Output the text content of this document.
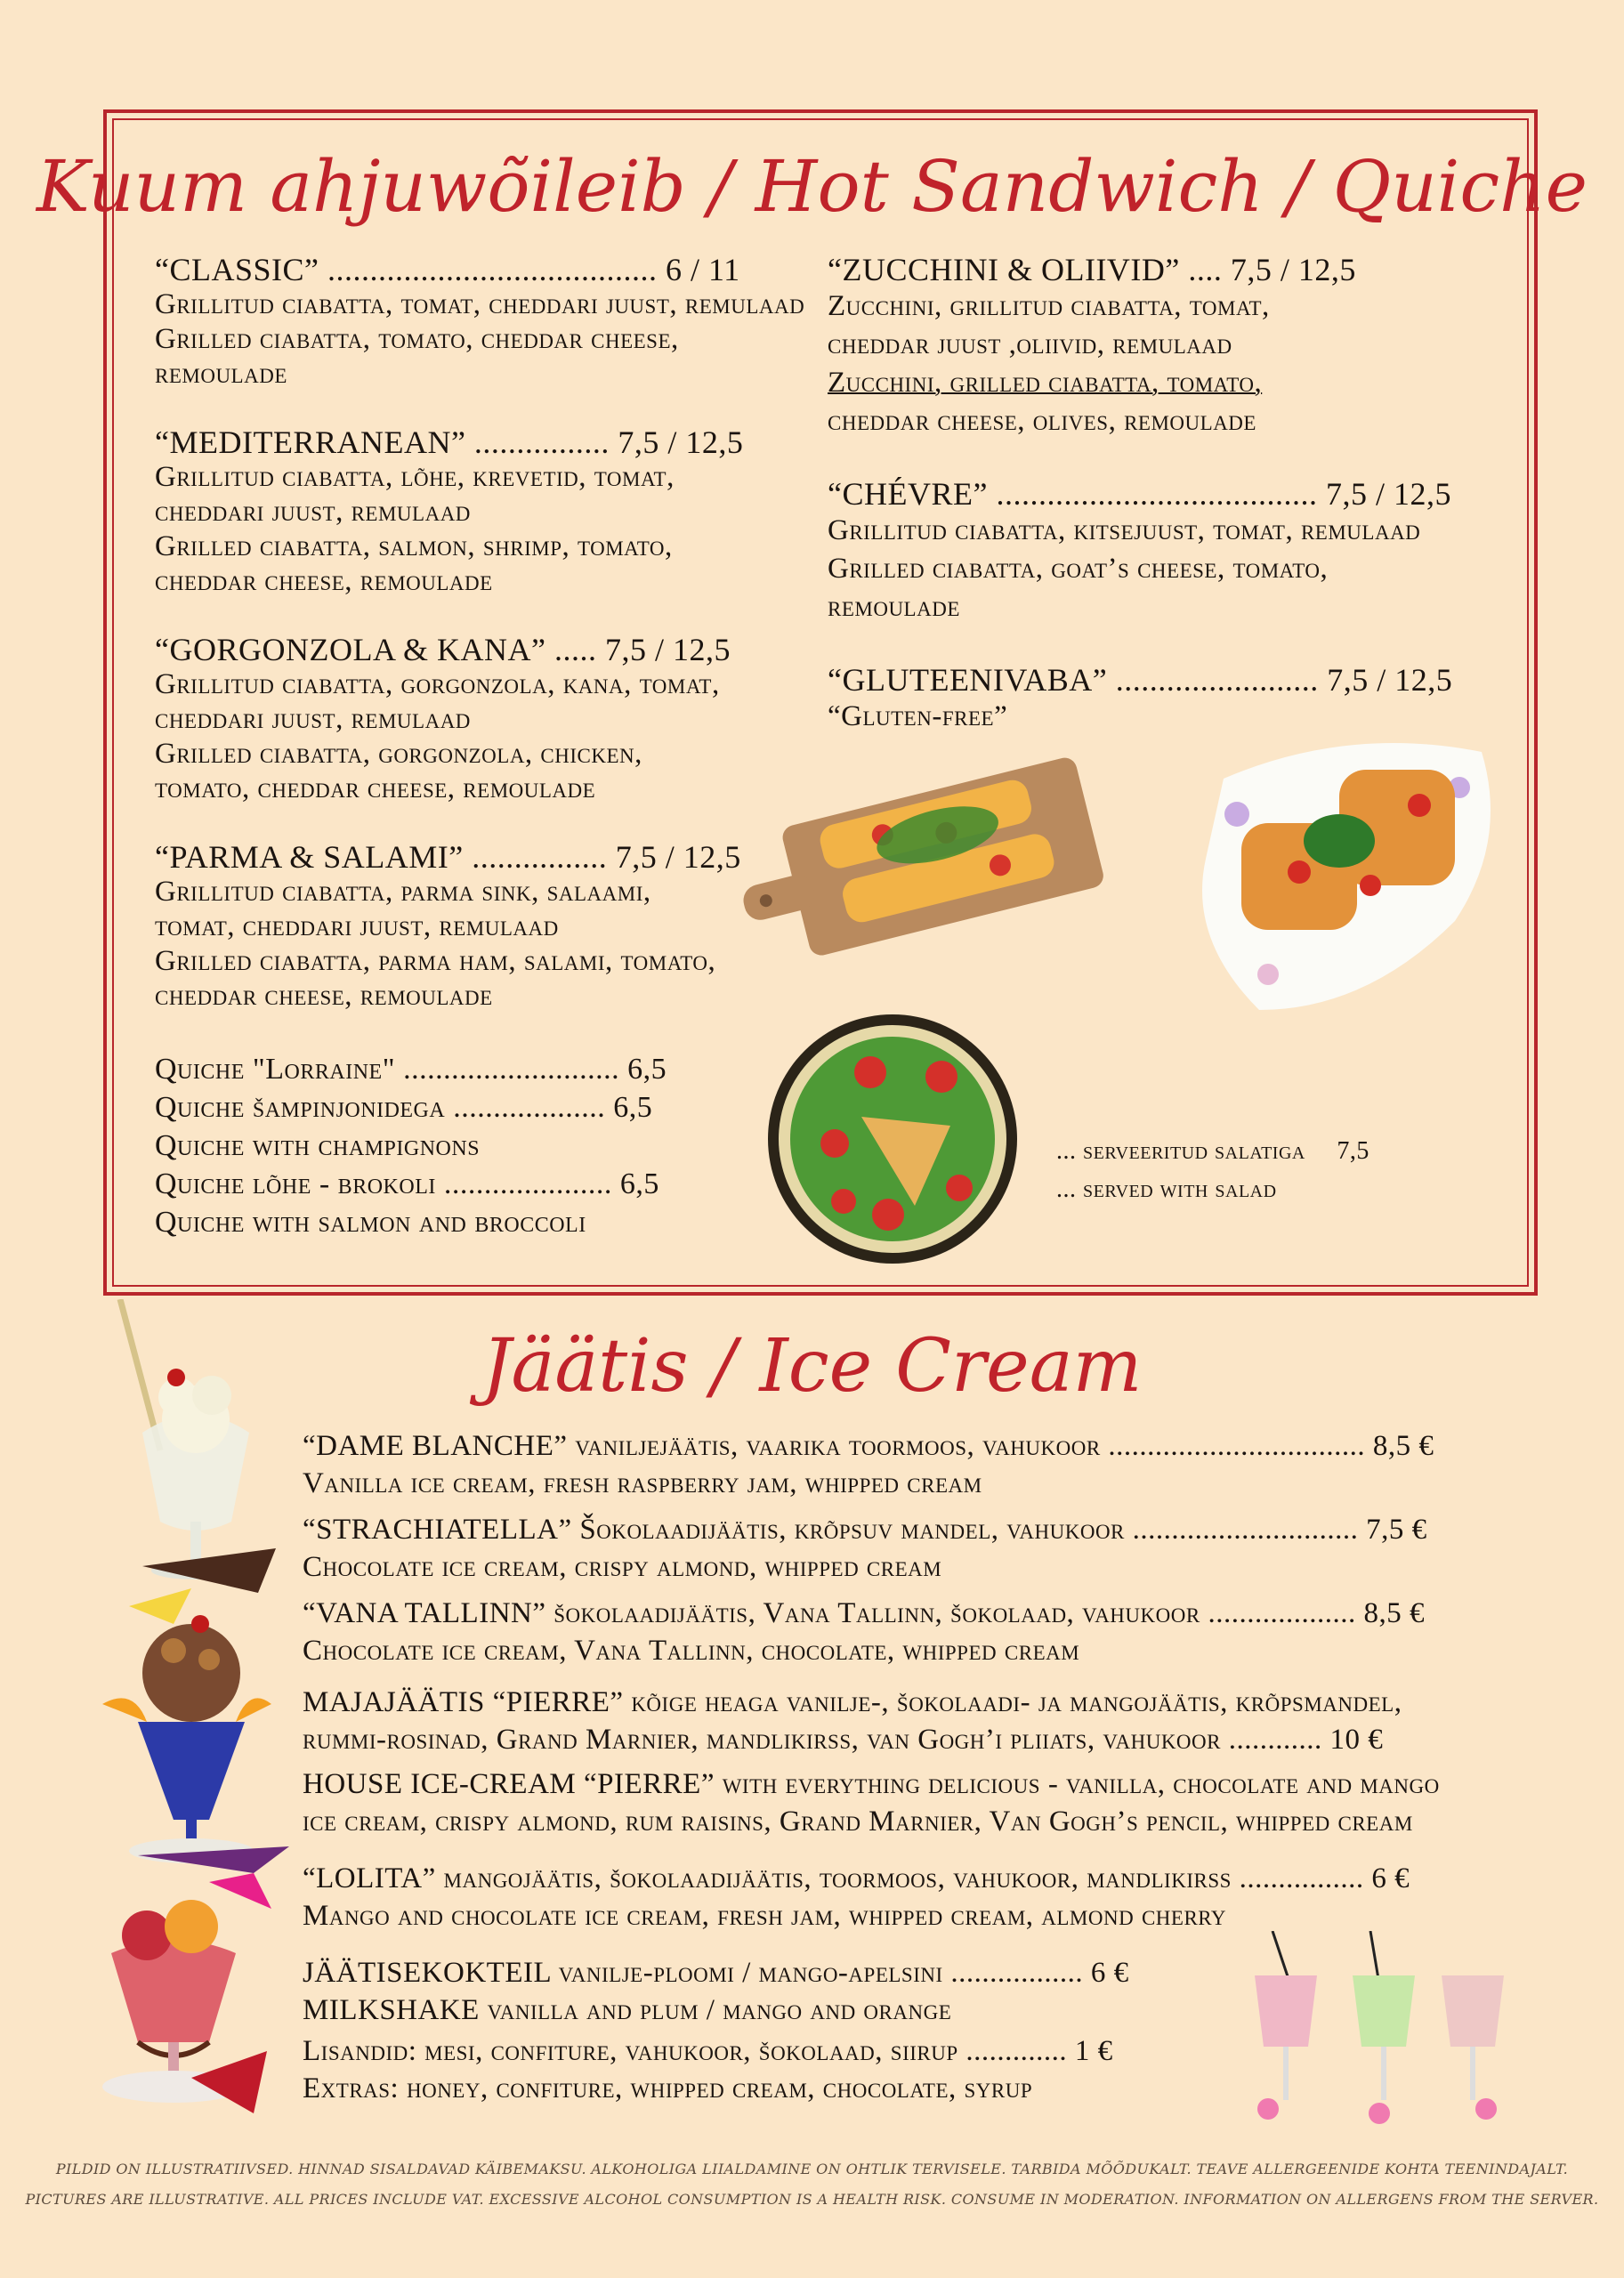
Kuum ahjuwõileib / Hot Sandwich / Quiche
“CLASSIC” ....................................... 6 / 11
Grillitud ciabatta, tomat, cheddari juust, remulaad
Grilled ciabatta, tomato, cheddar cheese,
remoulade
“MEDITERRANEAN” ................ 7,5 / 12,5
Grillitud ciabatta, lõhe, krevetid, tomat,
cheddari juust, remulaad
Grilled ciabatta, salmon, shrimp, tomato,
cheddar cheese, remoulade
“GORGONZOLA & KANA” ..... 7,5 / 12,5
Grillitud ciabatta, gorgonzola, kana, tomat,
cheddari juust, remulaad
Grilled ciabatta, gorgonzola, chicken,
tomato, cheddar cheese, remoulade
“PARMA & SALAMI” ................ 7,5 / 12,5
Grillitud ciabatta, parma sink, salaami,
tomat, cheddari juust, remulaad
Grilled ciabatta, parma ham, salami, tomato,
cheddar cheese, remoulade
Quiche "Lorraine" ........................... 6,5
Quiche šampinjonidega ................... 6,5
Quiche with champignons
Quiche lõhe - brokoli ..................... 6,5
Quiche with salmon and broccoli
“ZUCCHINI & OLIIVID” .... 7,5 / 12,5
Zucchini, grillitud ciabatta, tomat,
cheddar juust ,oliivid, remulaad
Zucchini, grilled ciabatta, tomato,
cheddar cheese, olives, remoulade
“CHÉVRE” ...................................... 7,5 / 12,5
Grillitud ciabatta, kitsejuust, tomat, remulaad
Grilled ciabatta, goat’s cheese, tomato,
remoulade
“GLUTEENIVABA” ........................ 7,5 / 12,5
“Gluten-free”
... serveeritud salatiga 7,5
... served with salad
Jäätis / Ice Cream
“DAME BLANCHE” vaniljejäätis, vaarika toormoos, vahukoor ................................. 8,5 €
Vanilla ice cream, fresh raspberry jam, whipped cream
“STRACHIATELLA” Šokolaadijäätis, krõpsuv mandel, vahukoor ............................. 7,5 €
Chocolate ice cream, crispy almond, whipped cream
“VANA TALLINN” šokolaadijäätis, Vana Tallinn, šokolaad, vahukoor ................... 8,5 €
Chocolate ice cream, Vana Tallinn, chocolate, whipped cream
MAJAJÄÄTIS “PIERRE” kõige heaga vanilje-, šokolaadi- ja mangojäätis, krõpsmandel,
rummi-rosinad, Grand Marnier, mandlikirss, van Gogh’i pliiats, vahukoor ............ 10 €
HOUSE ICE-CREAM “PIERRE” with everything delicious - vanilla, chocolate and mango
ice cream, crispy almond, rum raisins, Grand Marnier, Van Gogh’s pencil, whipped cream
“LOLITA” mangojäätis, šokolaadijäätis, toormoos, vahukoor, mandlikirss ................ 6 €
Mango and chocolate ice cream, fresh jam, whipped cream, almond cherry
JÄÄTISEKOKTEIL vanilje-ploomi / mango-apelsini ................. 6 €
MILKSHAKE vanilla and plum / mango and orange
Lisandid: mesi, confiture, vahukoor, šokolaad, siirup ............. 1 €
Extras: honey, confiture, whipped cream, chocolate, syrup
PILDID ON ILLUSTRATIIVSED. HINNAD SISALDAVAD KÄIBEMAKSU. ALKOHOLIGA LIIALDAMINE ON OHTLIK TERVISELE. TARBIDA MÕÕDUKALT. TEAVE ALLERGEENIDE KOHTA TEENINDAJALT.
PICTURES ARE ILLUSTRATIVE. ALL PRICES INCLUDE VAT. EXCESSIVE ALCOHOL CONSUMPTION IS A HEALTH RISK. CONSUME IN MODERATION. INFORMATION ON ALLERGENS FROM THE SERVER.
